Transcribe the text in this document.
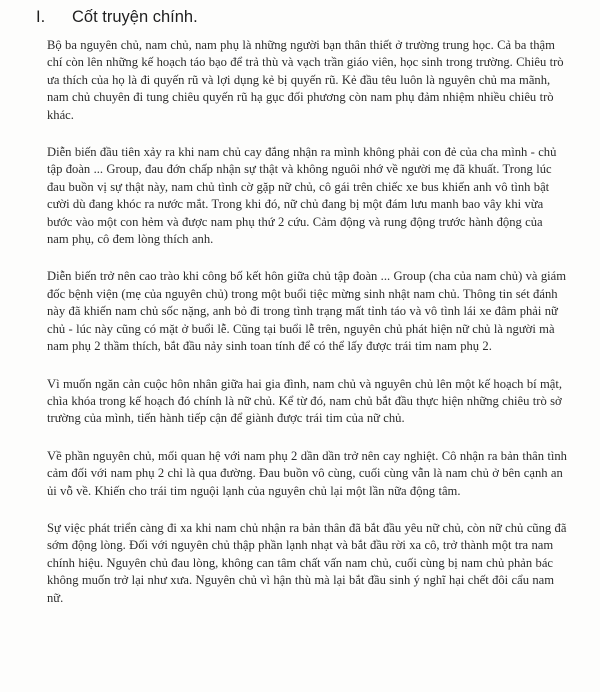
I.	Cốt truyện chính.

Bộ ba nguyên chủ, nam chủ, nam phụ là những người bạn thân thiết ở trường trung học. Cả ba thậm chí còn lên những kế hoạch táo bạo để trả thù và vạch trần giáo viên, học sinh trong trường. Chiêu trò ưa thích của họ là đi quyến rũ và lợi dụng kẻ bị quyến rũ. Kẻ đầu têu luôn là nguyên chủ ma mãnh, nam chủ chuyên đi tung chiêu quyến rũ hạ gục đối phương còn nam phụ đảm nhiệm nhiều chiêu trò khác.

Diễn biến đầu tiên xảy ra khi nam chủ cay đắng nhận ra mình không phải con đẻ của cha mình - chủ tập đoàn ... Group, đau đớn chấp nhận sự thật và không nguôi nhớ về người mẹ đã khuất. Trong lúc đau buồn vị sự thật này, nam chủ tình cờ gặp nữ chủ, cô gái trên chiếc xe bus khiến anh vô tình bật cười dù đang khóc ra nước mắt. Trong khi đó, nữ chủ đang bị một đám lưu manh bao vây khi vừa bước vào một con hẻm và được nam phụ thứ 2 cứu. Cảm động và rung động trước hành động của nam phụ, cô đem lòng thích anh.

Diễn biến trở nên cao trào khi công bố kết hôn giữa chủ tập đoàn ... Group (cha của nam chủ) và giám đốc bệnh viện (mẹ của nguyên chủ) trong một buổi tiệc mừng sinh nhật nam chủ. Thông tin sét đánh này đã khiến nam chủ sốc nặng, anh bỏ đi trong tình trạng mất tỉnh táo và vô tình lái xe đâm phải nữ chủ - lúc này cũng có mặt ở buổi lễ. Cũng tại buổi lễ trên, nguyên chủ phát hiện nữ chủ là người mà nam phụ 2 thầm thích, bắt đầu nảy sinh toan tính để có thể lấy được trái tim nam phụ 2.

Vì muốn ngăn cản cuộc hôn nhân giữa hai gia đình, nam chủ và nguyên chủ lên một kế hoạch bí mật, chìa khóa trong kế hoạch đó chính là nữ chủ. Kể từ đó, nam chủ bắt đầu thực hiện những chiêu trò sở trường của mình, tiến hành tiếp cận để giành được trái tim của nữ chủ.

Về phần nguyên chủ, mối quan hệ với nam phụ 2 dần dần trở nên cay nghiệt. Cô nhận ra bản thân tình cảm đối với nam phụ 2 chỉ là qua đường. Đau buồn vô cùng, cuối cùng vẫn là nam chủ ở bên cạnh an ủi vỗ về. Khiến cho trái tim nguội lạnh của nguyên chủ lại một lần nữa động tâm.

Sự việc phát triển càng đi xa khi nam chủ nhận ra bản thân đã bắt đầu yêu nữ chủ, còn nữ chủ cũng đã sớm động lòng. Đối với nguyên chủ thập phần lạnh nhạt và bắt đầu rời xa cô, trở thành một tra nam chính hiệu. Nguyên chủ đau lòng, không can tâm chất vấn nam chủ, cuối cùng bị nam chủ phản bác không muốn trở lại như xưa. Nguyên chủ vì hận thù mà lại bắt đầu sinh ý nghĩ hại chết đôi cẩu nam nữ.
